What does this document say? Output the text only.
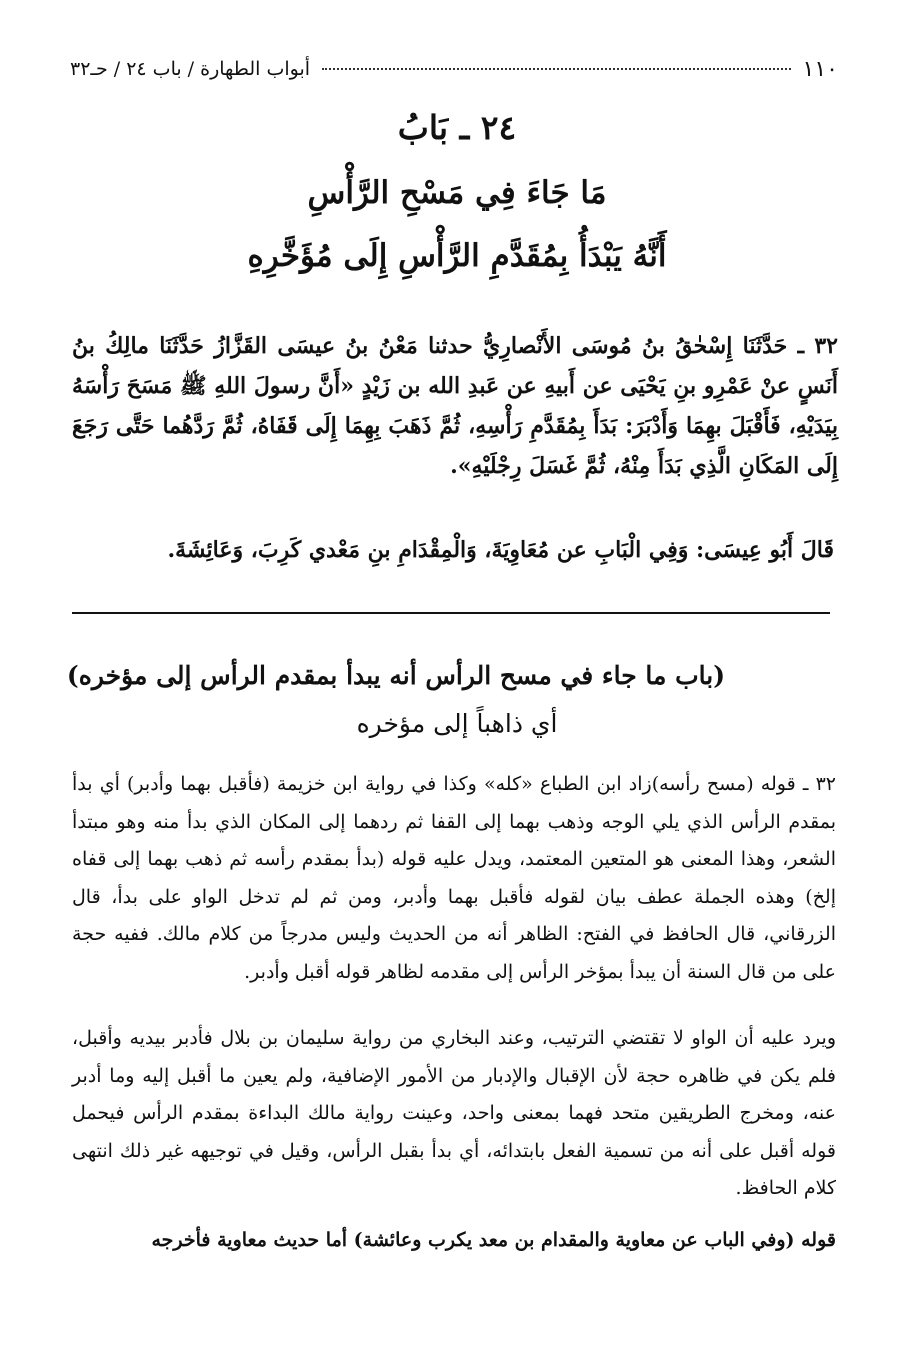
١١٠
أبواب الطهارة / باب ٢٤ / حـ٣٢
٢٤ ـ بَابُ
مَا جَاءَ فِي مَسْحِ الرَّأْسِ
أَنَّهُ يَبْدَأُ بِمُقَدَّمِ الرَّأْسِ إِلَى مُؤَخَّرِهِ
٣٢ ـ حَدَّثَنَا إِسْحٰقُ بنُ مُوسَى الأَنْصارِيُّ حدثنا مَعْنُ بنُ عيسَى القَزَّازُ حَدَّثَنَا مالِكُ بنُ أَنَسٍ عنْ عَمْرِو بنِ يَحْيَى عن أَبيهِ عن عَبدِ الله بن زَيْدٍ «أَنَّ رسولَ اللهِ ﷺ مَسَحَ رَأْسَهُ بِيَدَيْهِ، فَأَقْبَلَ بهِمَا وَأَدْبَرَ: بَدَأَ بِمُقَدَّمِ رَأْسِهِ، ثُمَّ ذَهَبَ بِهِمَا إِلَى قَفَاهُ، ثُمَّ رَدَّهُما حَتَّى رَجَعَ إِلَى المَكَانِ الَّذِي بَدَأَ مِنْهُ، ثُمَّ غَسَلَ رِجْلَيْهِ».
قَالَ أَبُو عِيسَى: وَفِي الْبَابِ عن مُعَاوِيَةَ، وَالْمِقْدَامِ بنِ مَعْدي كَرِبَ، وَعَائِشَةَ.
(باب ما جاء في مسح الرأس أنه يبدأ بمقدم الرأس إلى مؤخره)
أي ذاهباً إلى مؤخره
٣٢ ـ قوله (مسح رأسه)زاد ابن الطباع «كله» وكذا في رواية ابن خزيمة (فأقبل بهما وأدبر) أي بدأ بمقدم الرأس الذي يلي الوجه وذهب بهما إلى القفا ثم ردهما إلى المكان الذي بدأ منه وهو مبتدأ الشعر، وهذا المعنى هو المتعين المعتمد، ويدل عليه قوله (بدأ بمقدم رأسه ثم ذهب بهما إلى قفاه إلخ) وهذه الجملة عطف بيان لقوله فأقبل بهما وأدبر، ومن ثم لم تدخل الواو على بدأ، قال الزرقاني، قال الحافظ في الفتح: الظاهر أنه من الحديث وليس مدرجاً من كلام مالك. ففيه حجة على من قال السنة أن يبدأ بمؤخر الرأس إلى مقدمه لظاهر قوله أقبل وأدبر.
ويرد عليه أن الواو لا تقتضي الترتيب، وعند البخاري من رواية سليمان بن بلال فأدبر بيديه وأقبل، فلم يكن في ظاهره حجة لأن الإقبال والإدبار من الأمور الإضافية، ولم يعين ما أقبل إليه وما أدبر عنه، ومخرج الطريقين متحد فهما بمعنى واحد، وعينت رواية مالك البداءة بمقدم الرأس فيحمل قوله أقبل على أنه من تسمية الفعل بابتدائه، أي بدأ بقبل الرأس، وقيل في توجيهه غير ذلك انتهى كلام الحافظ.
قوله (وفي الباب عن معاوية والمقدام بن معد يكرب وعائشة) أما حديث معاوية فأخرجه
